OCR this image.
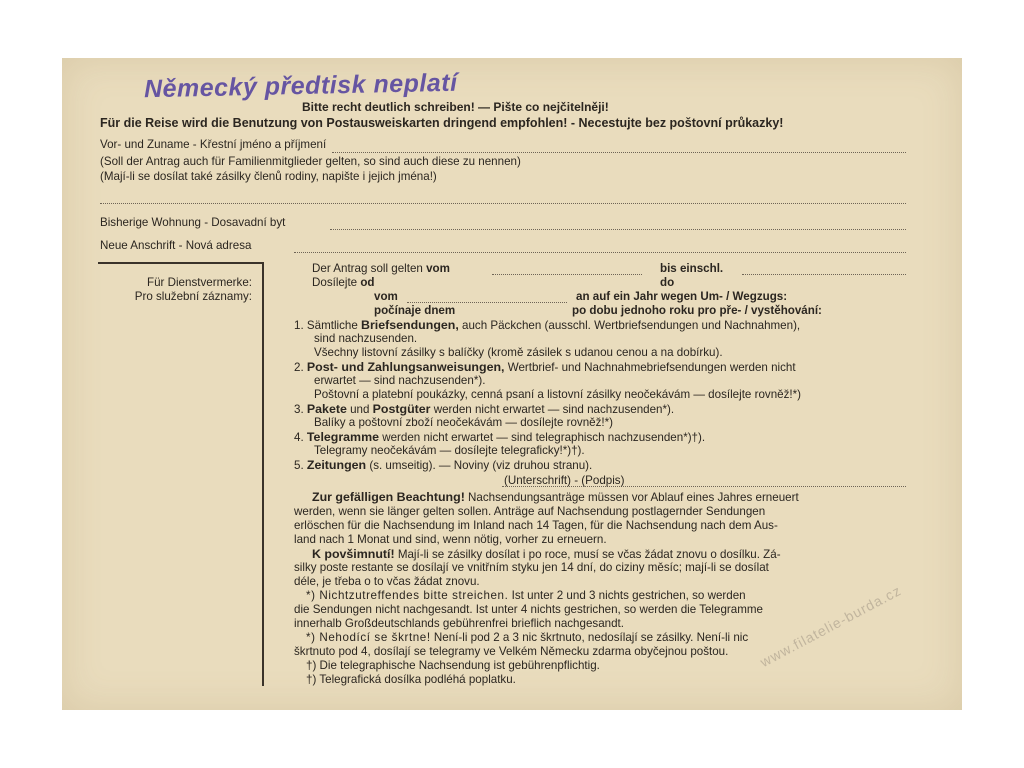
Německý předtisk neplatí
Bitte recht deutlich schreiben! — Pište co nejčitelněji!
Für die Reise wird die Benutzung von Postausweiskarten dringend empfohlen! - Necestujte bez poštovní průkazky!
Vor- und Zuname - Křestní jméno a příjmení
(Soll der Antrag auch für Familienmitglieder gelten, so sind auch diese zu nennen)
(Mají-li se dosílat také zásilky členů rodiny, napište i jejich jména!)
Bisherige Wohnung - Dosavadní byt
Neue Anschrift - Nová adresa
Für Dienstvermerke:
Pro služební záznamy:
Der Antrag soll gelten vom	bis einschl.
Dosílejte od	do
vom	an auf ein Jahr wegen Um- / Wegzugs:
počínaje dnem	po dobu jednoho roku pro pře- / vystěhování:
1. Sämtliche Briefsendungen, auch Päckchen (ausschl. Wertbriefsendungen und Nachnahmen),
sind nachzusenden.
Všechny listovní zásilky s balíčky (kromě zásilek s udanou cenou a na dobírku).
2. Post- und Zahlungsanweisungen, Wertbrief- und Nachnahmebriefsendungen werden nicht
erwartet — sind nachzusenden*).
Poštovní a platební poukázky, cenná psaní a listovní zásilky neočekávám — dosílejte rovněž!*)
3. Pakete und Postgüter werden nicht erwartet — sind nachzusenden*).
Balíky a poštovní zboží neočekávám — dosílejte rovněž!*)
4. Telegramme werden nicht erwartet — sind telegraphisch nachzusenden*)†).
Telegramy neočekávám — dosílejte telegraficky!*)†).
5. Zeitungen (s. umseitig). — Noviny (viz druhou stranu).
(Unterschrift) - (Podpis)
Zur gefälligen Beachtung! Nachsendungsanträge müssen vor Ablauf eines Jahres erneuert
werden, wenn sie länger gelten sollen. Anträge auf Nachsendung postlagernder Sendungen
erlöschen für die Nachsendung im Inland nach 14 Tagen, für die Nachsendung nach dem Aus-
land nach 1 Monat und sind, wenn nötig, vorher zu erneuern.
K povšimnutí! Mají-li se zásilky dosílat i po roce, musí se včas žádat znovu o dosílku. Zá-
silky poste restante se dosílají ve vnitřním styku jen 14 dní, do ciziny měsíc; mají-li se dosílat
déle, je třeba o to včas žádat znovu.
*) Nichtzutreffendes bitte streichen. Ist unter 2 und 3 nichts gestrichen, so werden
die Sendungen nicht nachgesandt. Ist unter 4 nichts gestrichen, so werden die Telegramme
innerhalb Großdeutschlands gebührenfrei brieflich nachgesandt.
*) Nehodící se škrtne! Není-li pod 2 a 3 nic škrtnuto, nedosílají se zásilky. Není-li nic
škrtnuto pod 4, dosílají se telegramy ve Velkém Německu zdarma obyčejnou poštou.
†) Die telegraphische Nachsendung ist gebührenpflichtig.
†) Telegrafická dosílka podléhá poplatku.
www.filatelie-burda.cz
